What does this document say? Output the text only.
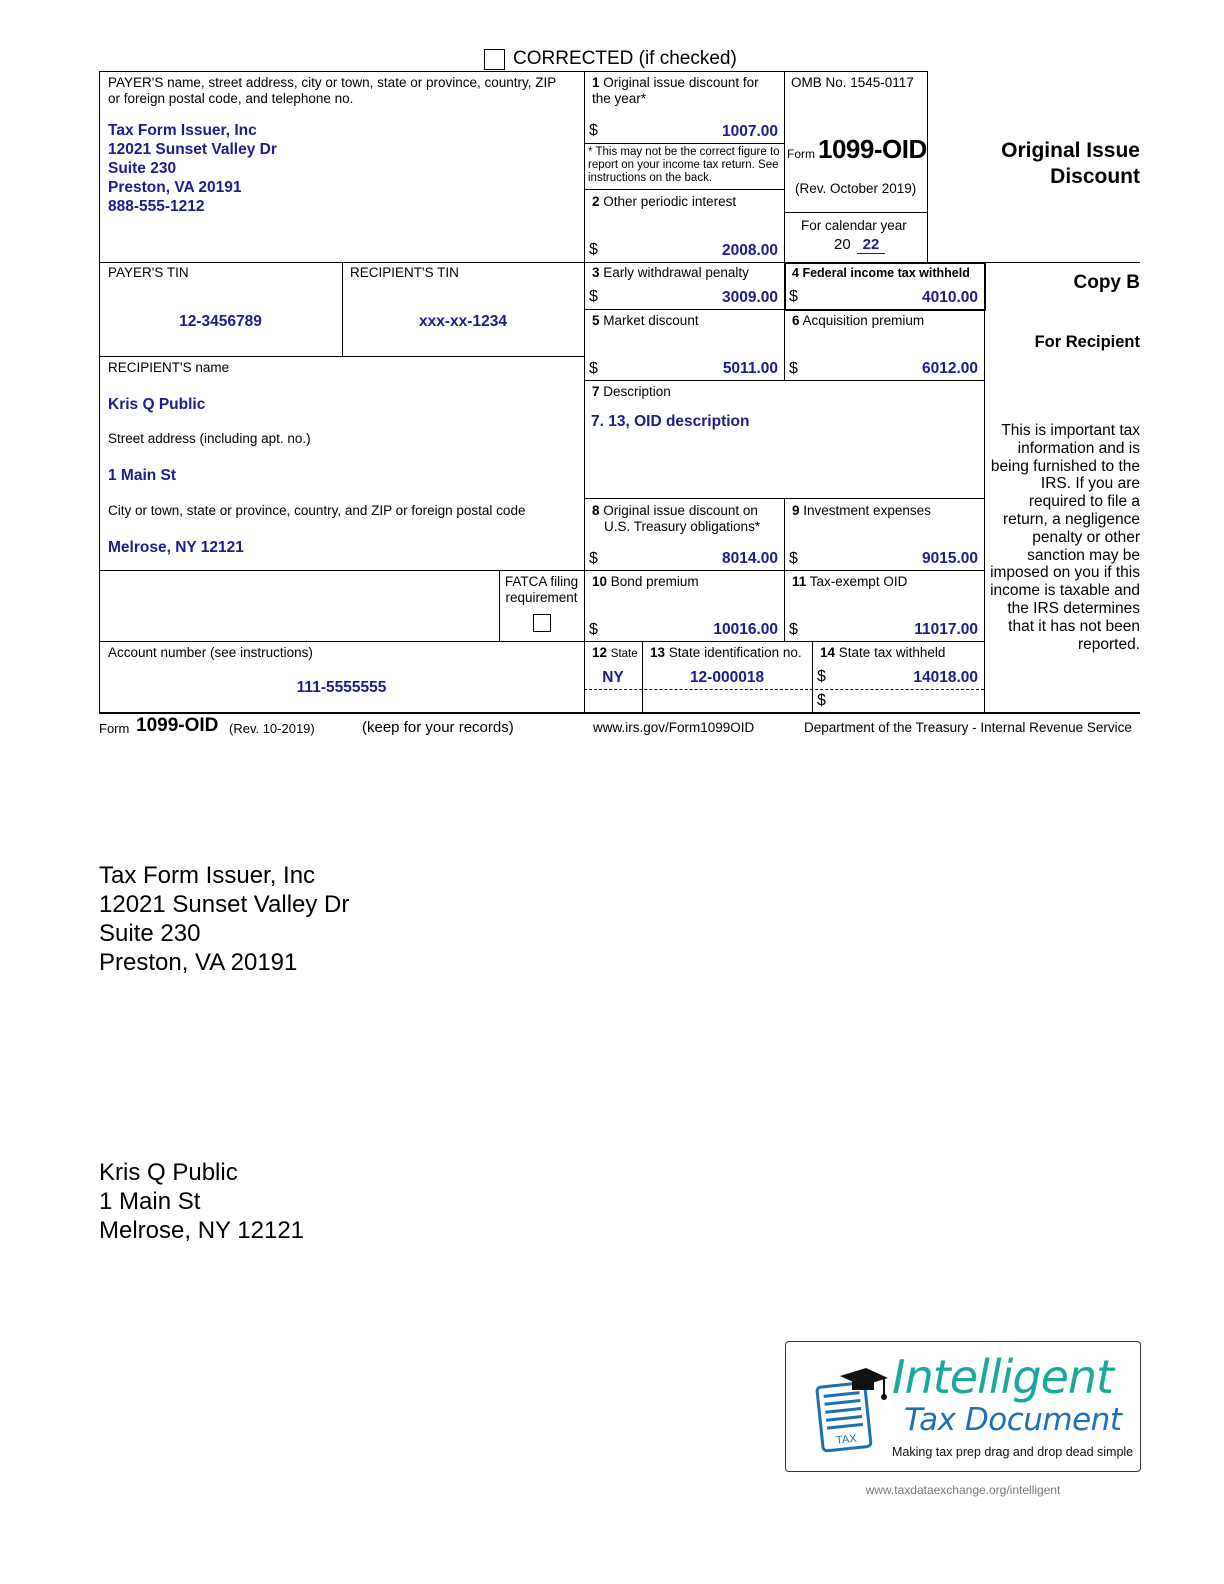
CORRECTED (if checked)
PAYER'S name, street address, city or town, state or province, country, ZIP or foreign postal code, and telephone no.
Tax Form Issuer, Inc
12021 Sunset Valley Dr
Suite 230
Preston, VA 20191
888-555-1212
1 Original issue discount for the year*
$	1007.00
* This may not be the correct figure to report on your income tax return. See instructions on the back.
2 Other periodic interest
$	2008.00
OMB No. 1545-0117
Form 1099-OID
(Rev. October 2019)
For calendar year
20 22
Original Issue Discount
PAYER'S TIN
12-3456789
RECIPIENT'S TIN
xxx-xx-1234
3 Early withdrawal penalty
$	3009.00
4 Federal income tax withheld
$	4010.00
Copy B
For Recipient
5 Market discount
$	5011.00
6 Acquisition premium
$	6012.00
RECIPIENT'S name
Kris Q Public
Street address (including apt. no.)
1 Main St
City or town, state or province, country, and ZIP or foreign postal code
Melrose, NY 12121
7 Description
7. 13, OID description
This is important tax information and is being furnished to the IRS. If you are required to file a return, a negligence penalty or other sanction may be imposed on you if this income is taxable and the IRS determines that it has not been reported.
8 Original issue discount on
U.S. Treasury obligations*
$	8014.00
9 Investment expenses
$	9015.00
FATCA filing
requirement
10 Bond premium
$	10016.00
11 Tax-exempt OID
$	11017.00
Account number (see instructions)
111-5555555
12 State
NY
13 State identification no.
12-000018
14 State tax withheld
$	14018.00
$
Form 1099-OID (Rev. 10-2019)	(keep for your records)	www.irs.gov/Form1099OID	Department of the Treasury - Internal Revenue Service
Tax Form Issuer, Inc
12021 Sunset Valley Dr
Suite 230
Preston, VA 20191
Kris Q Public
1 Main St
Melrose, NY 12121
TAX
Intelligent
Tax Document
Making tax prep drag and drop dead simple
www.taxdataexchange.org/intelligent
